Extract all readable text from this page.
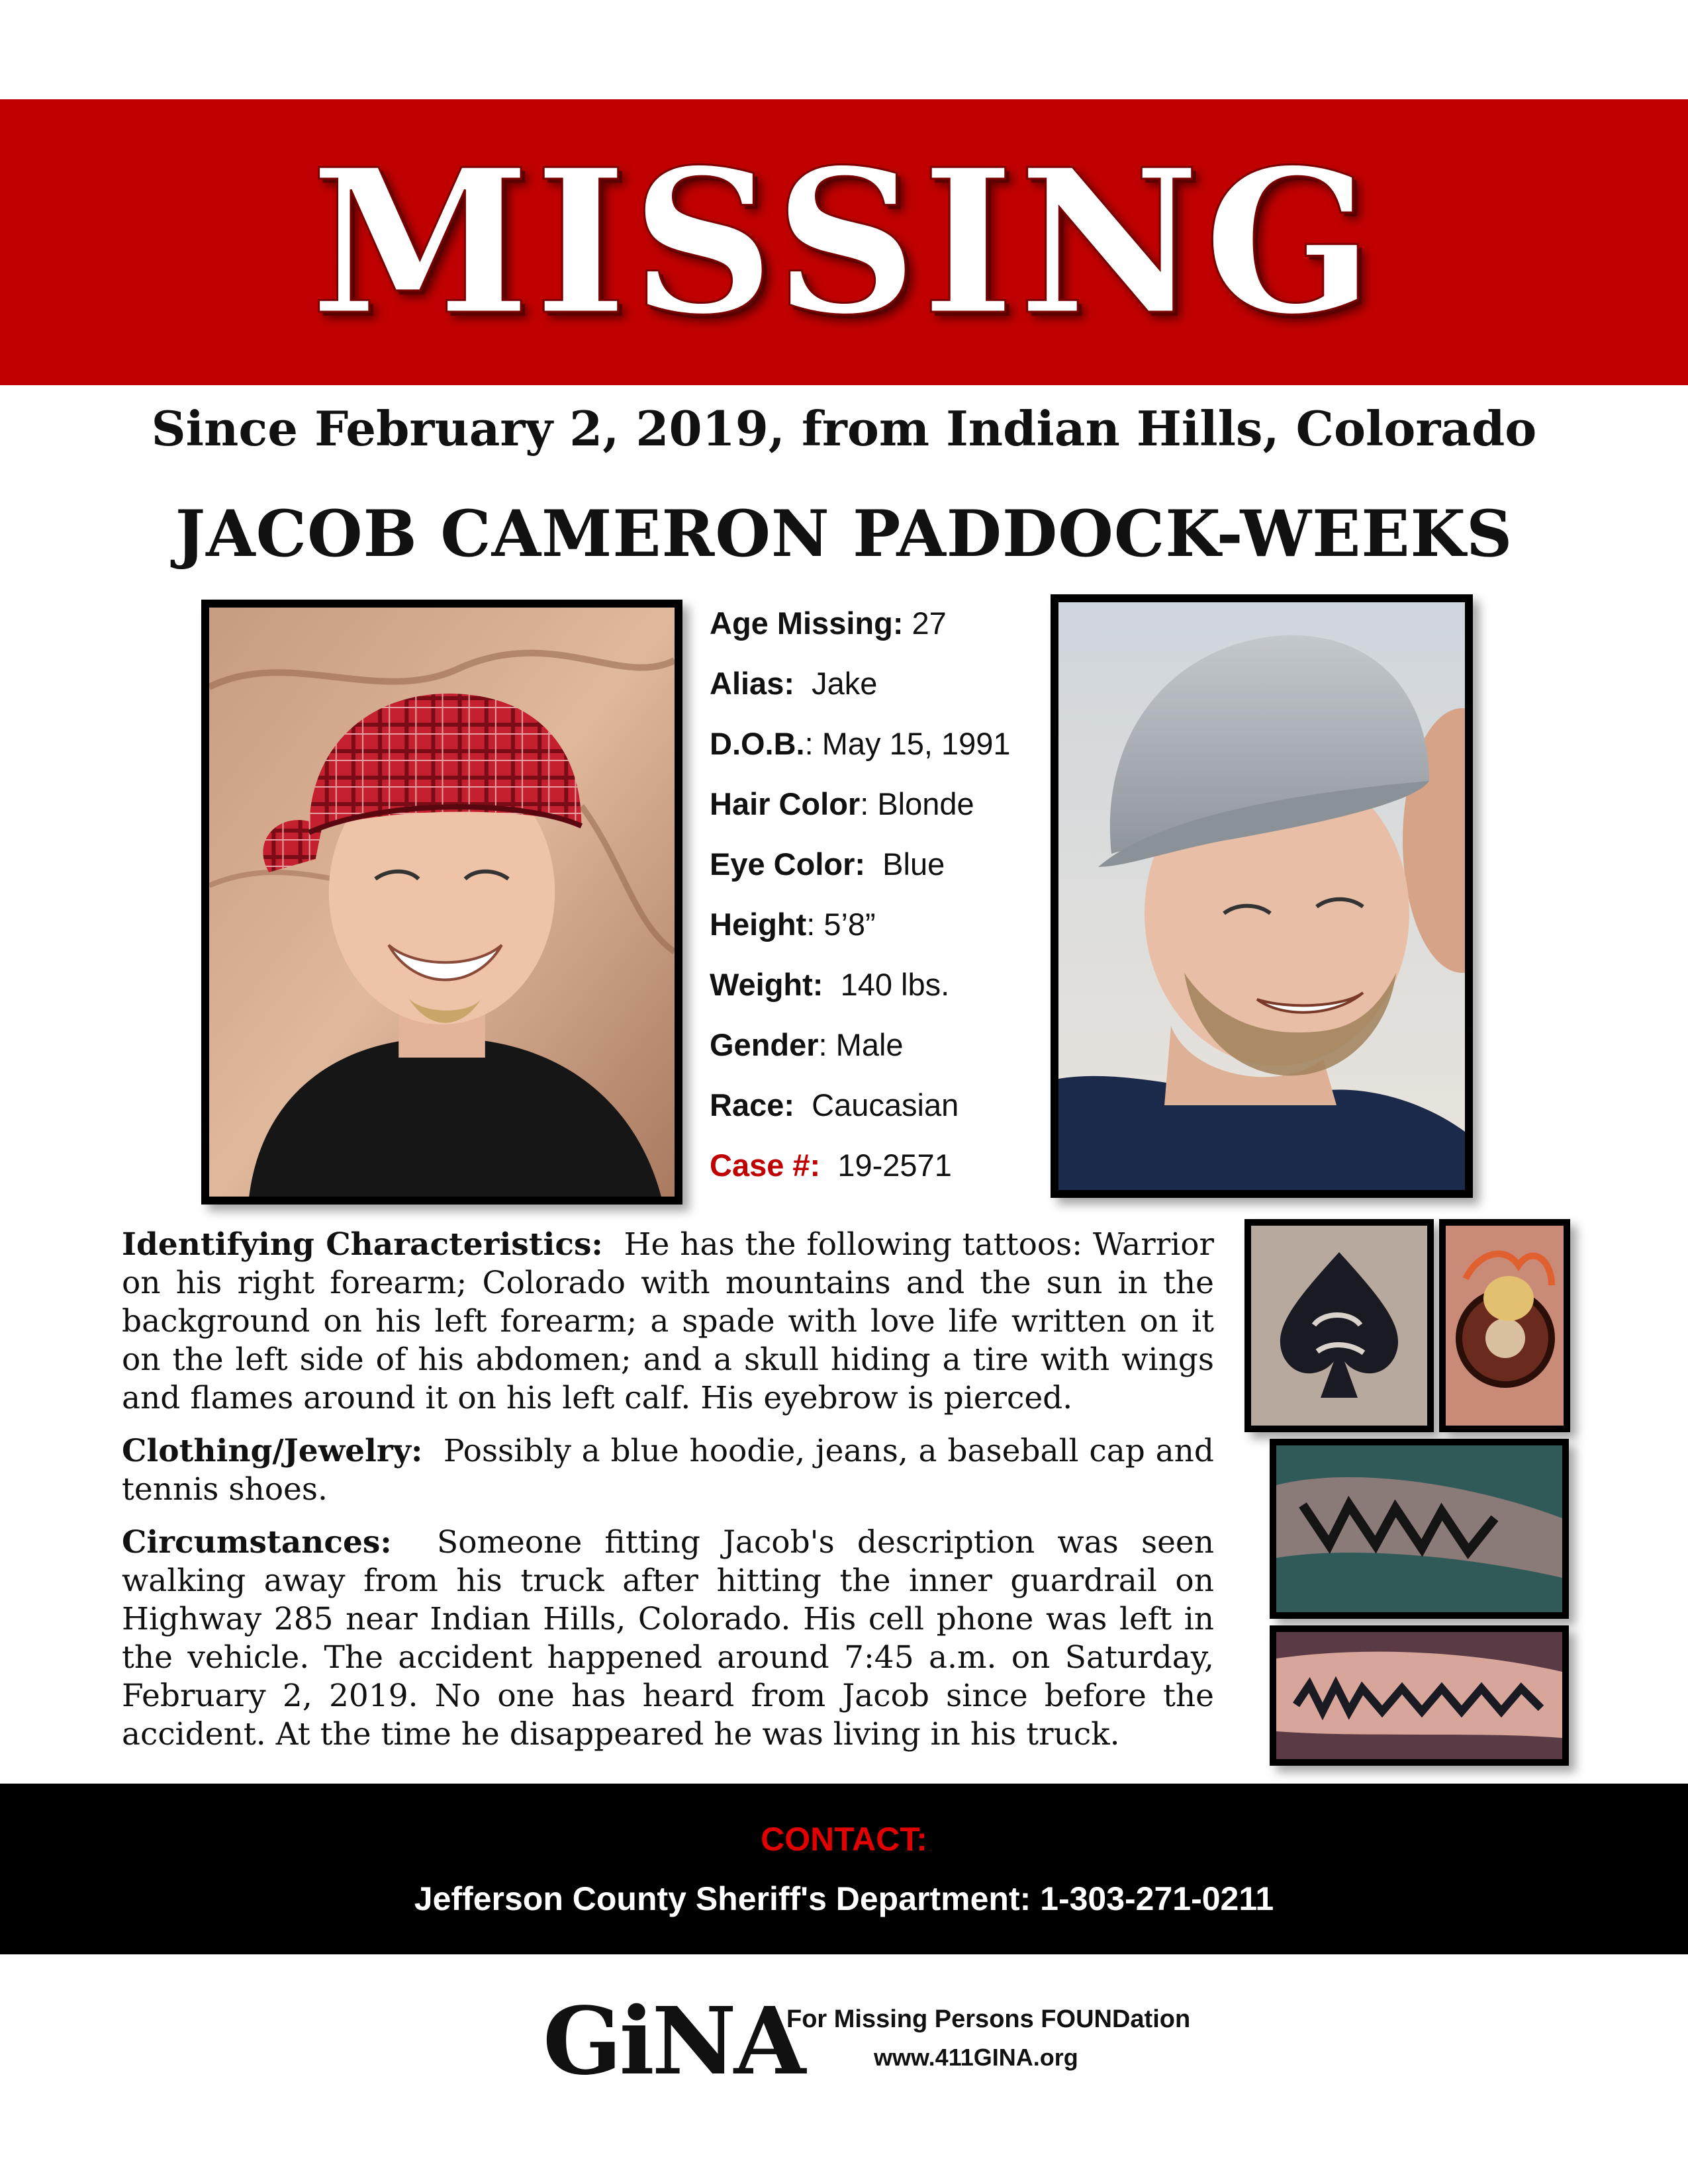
MISSING
Since February 2, 2019, from Indian Hills, Colorado
JACOB CAMERON PADDOCK-WEEKS
Age Missing: 27
Alias: Jake
D.O.B.: May 15, 1991
Hair Color: Blonde
Eye Color: Blue
Height: 5’8”
Weight: 140 lbs.
Gender: Male
Race: Caucasian
Case #: 19-2571

Identifying Characteristics: He has the following tattoos: Warrior on his right forearm; Colorado with mountains and the sun in the background on his left forearm; a spade with love life written on it on the left side of his abdomen; and a skull hiding a tire with wings and flames around it on his left calf. His eyebrow is pierced.

Clothing/Jewelry: Possibly a blue hoodie, jeans, a baseball cap and tennis shoes.

Circumstances: Someone fitting Jacob's description was seen walking away from his truck after hitting the inner guardrail on Highway 285 near Indian Hills, Colorado. His cell phone was left in the vehicle. The accident happened around 7:45 a.m. on Saturday, February 2, 2019. No one has heard from Jacob since before the accident. At the time he disappeared he was living in his truck.

CONTACT:
Jefferson County Sheriff's Department: 1-303-271-0211
GiNA
For Missing Persons FOUNDation
www.411GINA.org
